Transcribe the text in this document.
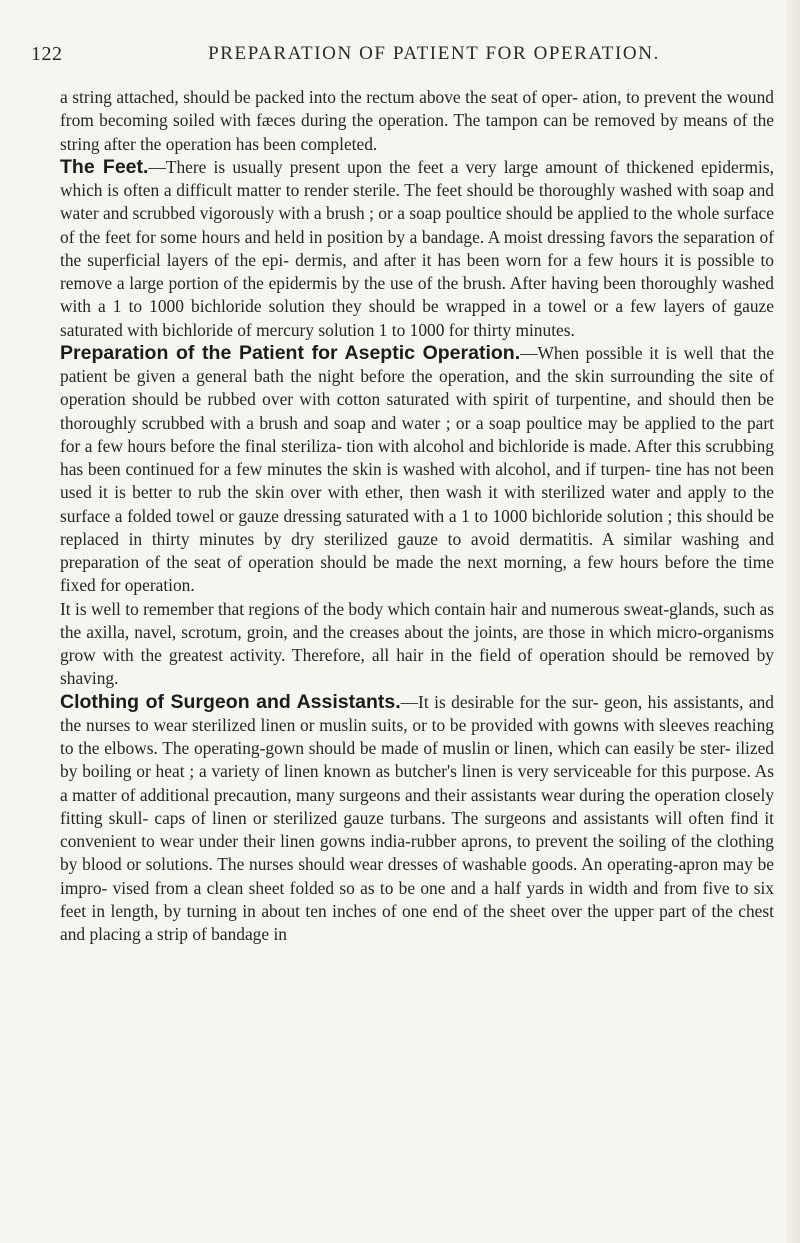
122	PREPARATION OF PATIENT FOR OPERATION.

a string attached, should be packed into the rectum above the seat of oper- ation, to prevent the wound from becoming soiled with fæces during the operation. The tampon can be removed by means of the string after the operation has been completed.

The Feet.—There is usually present upon the feet a very large amount of thickened epidermis, which is often a difficult matter to render sterile. The feet should be thoroughly washed with soap and water and scrubbed vigorously with a brush ; or a soap poultice should be applied to the whole surface of the feet for some hours and held in position by a bandage. A moist dressing favors the separation of the superficial layers of the epi- dermis, and after it has been worn for a few hours it is possible to remove a large portion of the epidermis by the use of the brush. After having been thoroughly washed with a 1 to 1000 bichloride solution they should be wrapped in a towel or a few layers of gauze saturated with bichloride of mercury solution 1 to 1000 for thirty minutes.

Preparation of the Patient for Aseptic Operation.—When possible it is well that the patient be given a general bath the night before the operation, and the skin surrounding the site of operation should be rubbed over with cotton saturated with spirit of turpentine, and should then be thoroughly scrubbed with a brush and soap and water ; or a soap poultice may be applied to the part for a few hours before the final steriliza- tion with alcohol and bichloride is made. After this scrubbing has been continued for a few minutes the skin is washed with alcohol, and if turpen- tine has not been used it is better to rub the skin over with ether, then wash it with sterilized water and apply to the surface a folded towel or gauze dressing saturated with a 1 to 1000 bichloride solution ; this should be replaced in thirty minutes by dry sterilized gauze to avoid dermatitis. A similar washing and preparation of the seat of operation should be made the next morning, a few hours before the time fixed for operation.

It is well to remember that regions of the body which contain hair and numerous sweat-glands, such as the axilla, navel, scrotum, groin, and the creases about the joints, are those in which micro-organisms grow with the greatest activity. Therefore, all hair in the field of operation should be removed by shaving.

Clothing of Surgeon and Assistants.—It is desirable for the sur- geon, his assistants, and the nurses to wear sterilized linen or muslin suits, or to be provided with gowns with sleeves reaching to the elbows. The operating-gown should be made of muslin or linen, which can easily be ster- ilized by boiling or heat ; a variety of linen known as butcher's linen is very serviceable for this purpose. As a matter of additional precaution, many surgeons and their assistants wear during the operation closely fitting skull- caps of linen or sterilized gauze turbans. The surgeons and assistants will often find it convenient to wear under their linen gowns india-rubber aprons, to prevent the soiling of the clothing by blood or solutions. The nurses should wear dresses of washable goods. An operating-apron may be impro- vised from a clean sheet folded so as to be one and a half yards in width and from five to six feet in length, by turning in about ten inches of one end of the sheet over the upper part of the chest and placing a strip of bandage in
